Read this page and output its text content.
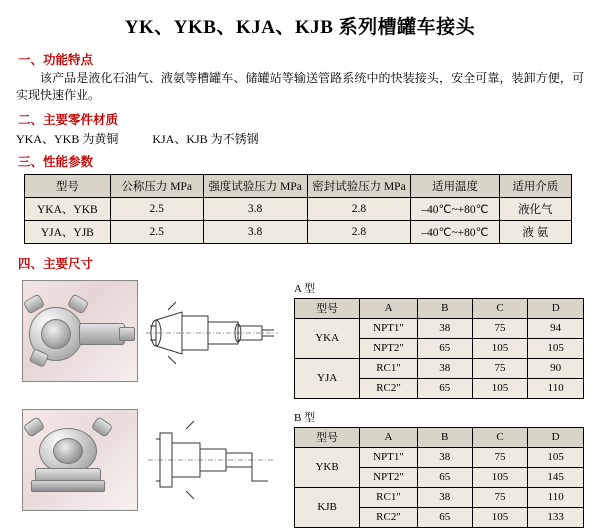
YK、YKB、KJA、KJB 系列槽罐车接头
一、功能特点
该产品是液化石油气、液氨等槽罐车、储罐站等输送管路系统中的快装接头，安全可靠，装卸方便，可实现快速作业。
二、主要零件材质
YKA、YKB 为黄铜	KJA、KJB 为不锈钢
三、性能参数
型号	公称压力 MPa	强度试验压力 MPa	密封试验压力 MPa	适用温度	适用介质
YKA、YKB	2.5	3.8	2.8	–40℃~+80℃	液化气
YJA、YJB	2.5	3.8	2.8	–40℃~+80℃	液 氨
四、主要尺寸
A 型
型号	A	B	C	D
YKA	NPT1"	38	75	94
	NPT2"	65	105	105
YJA	RC1"	38	75	90
	RC2"	65	105	110
B 型
型号	A	B	C	D
YKB	NPT1"	38	75	105
	NPT2"	65	105	145
KJB	RC1"	38	75	110
	RC2"	65	105	133
